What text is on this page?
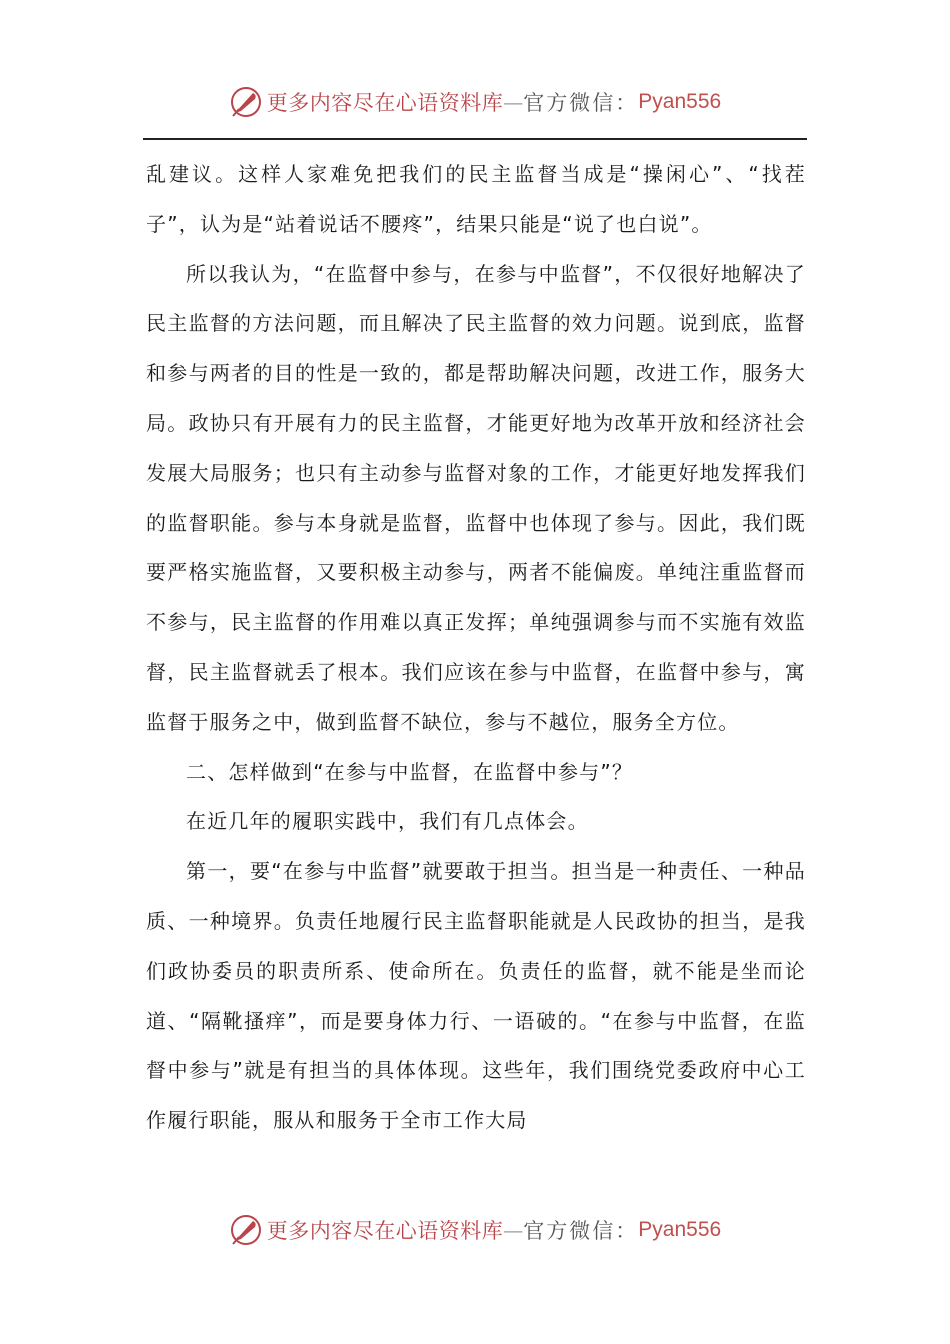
更多内容尽在心语资料库 — 官方微信： Pyan556

乱建议。这样人家难免把我们的民主监督当成是“操闲心”、“找茬子”，认为是“站着说话不腰疼”，结果只能是“说了也白说”。

所以我认为，“在监督中参与，在参与中监督”，不仅很好地解决了民主监督的方法问题，而且解决了民主监督的效力问题。说到底，监督和参与两者的目的性是一致的，都是帮助解决问题，改进工作，服务大局。政协只有开展有力的民主监督，才能更好地为改革开放和经济社会发展大局服务；也只有主动参与监督对象的工作，才能更好地发挥我们的监督职能。参与本身就是监督，监督中也体现了参与。因此，我们既要严格实施监督，又要积极主动参与，两者不能偏废。单纯注重监督而不参与，民主监督的作用难以真正发挥；单纯强调参与而不实施有效监督，民主监督就丢了根本。我们应该在参与中监督，在监督中参与，寓监督于服务之中，做到监督不缺位，参与不越位，服务全方位。

二、怎样做到“在参与中监督，在监督中参与”？

在近几年的履职实践中，我们有几点体会。

第一，要“在参与中监督”就要敢于担当。担当是一种责任、一种品质、一种境界。负责任地履行民主监督职能就是人民政协的担当，是我们政协委员的职责所系、使命所在。负责任的监督，就不能是坐而论道、“隔靴搔痒”，而是要身体力行、一语破的。“在参与中监督，在监督中参与”就是有担当的具体体现。这些年，我们围绕党委政府中心工作履行职能，服从和服务于全市工作大局

更多内容尽在心语资料库 — 官方微信： Pyan556
